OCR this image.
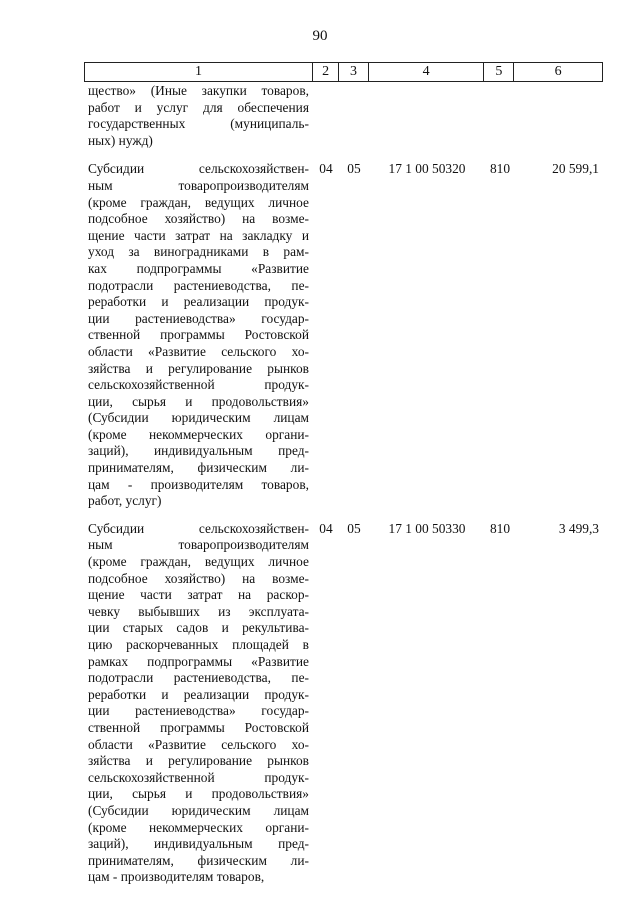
90
1	2	3	4	5	6
щество» (Иные закупки товаров,
работ и услуг для обеспечения
государственных (муниципаль-
ных) нужд)
Субсидии сельскохозяйствен-
ным товаропроизводителям
(кроме граждан, ведущих личное
подсобное хозяйство) на возме-
щение части затрат на закладку и
уход за виноградниками в рам-
ках подпрограммы «Развитие
подотрасли растениеводства, пе-
реработки и реализации продук-
ции растениеводства» государ-
ственной программы Ростовской
области «Развитие сельского хо-
зяйства и регулирование рынков
сельскохозяйственной продук-
ции, сырья и продовольствия»
(Субсидии юридическим лицам
(кроме некоммерческих органи-
заций), индивидуальным пред-
принимателям, физическим ли-
цам - производителям товаров,
работ, услуг)
04	05	17 1 00 50320	810	20 599,1
Субсидии сельскохозяйствен-
ным товаропроизводителям
(кроме граждан, ведущих личное
подсобное хозяйство) на возме-
щение части затрат на раскор-
чевку выбывших из эксплуата-
ции старых садов и рекультива-
цию раскорчеванных площадей в
рамках подпрограммы «Развитие
подотрасли растениеводства, пе-
реработки и реализации продук-
ции растениеводства» государ-
ственной программы Ростовской
области «Развитие сельского хо-
зяйства и регулирование рынков
сельскохозяйственной продук-
ции, сырья и продовольствия»
(Субсидии юридическим лицам
(кроме некоммерческих органи-
заций), индивидуальным пред-
принимателям, физическим ли-
цам - производителям товаров,
04	05	17 1 00 50330	810	3 499,3
